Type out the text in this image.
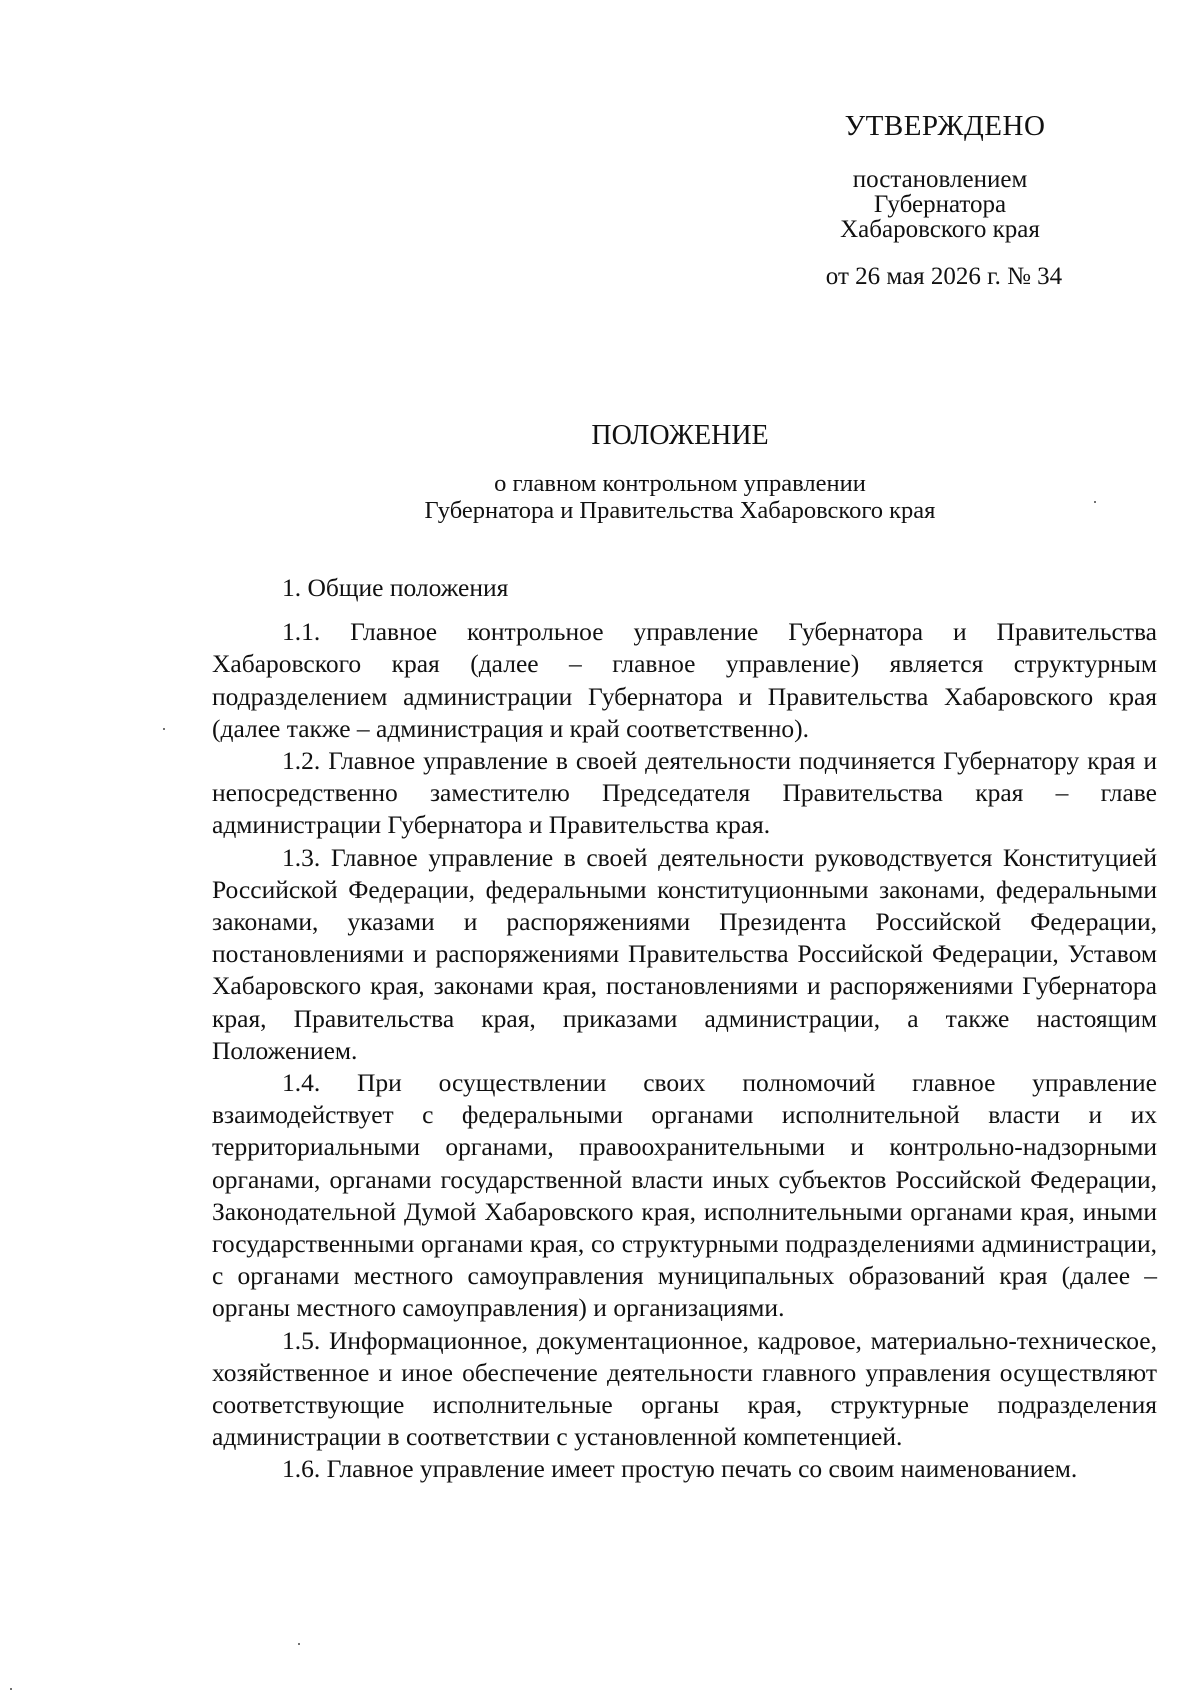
УТВЕРЖДЕНО
постановлением
Губернатора
Хабаровского края
от 26 мая 2026 г. № 34
ПОЛОЖЕНИЕ
о главном контрольном управлении
Губернатора и Правительства Хабаровского края
1. Общие положения

1.1. Главное контрольное управление Губернатора и Правительства Хабаровского края (далее – главное управление) является структурным подразделением администрации Губернатора и Правительства Хабаровского края (далее также – администрация и край соответственно).

1.2. Главное управление в своей деятельности подчиняется Губернатору края и непосредственно заместителю Председателя Правительства края – главе администрации Губернатора и Правительства края.

1.3. Главное управление в своей деятельности руководствуется Конституцией Российской Федерации, федеральными конституционными законами, федеральными законами, указами и распоряжениями Президента Российской Федерации, постановлениями и распоряжениями Правительства Российской Федерации, Уставом Хабаровского края, законами края, постановлениями и распоряжениями Губернатора края, Правительства края, приказами администрации, а также настоящим Положением.

1.4. При осуществлении своих полномочий главное управление взаимодействует с федеральными органами исполнительной власти и их территориальными органами, правоохранительными и контрольно-надзорными органами, органами государственной власти иных субъектов Российской Федерации, Законодательной Думой Хабаровского края, исполнительными органами края, иными государственными органами края, со структурными подразделениями администрации, с органами местного самоуправления муниципальных образований края (далее – органы местного самоуправления) и организациями.

1.5. Информационное, документационное, кадровое, материально-техническое, хозяйственное и иное обеспечение деятельности главного управления осуществляют соответствующие исполнительные органы края, структурные подразделения администрации в соответствии с установленной компетенцией.

1.6. Главное управление имеет простую печать со своим наименованием.
